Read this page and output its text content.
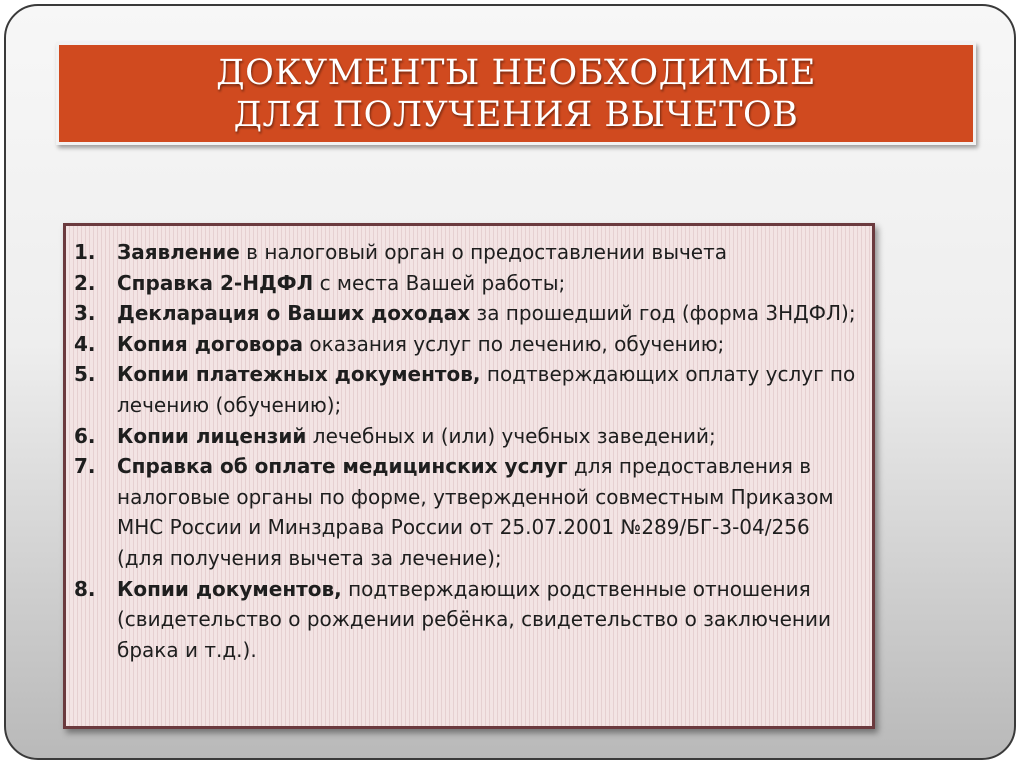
ДОКУМЕНТЫ НЕОБХОДИМЫЕ
ДЛЯ ПОЛУЧЕНИЯ ВЫЧЕТОВ
1. Заявление в налоговый орган о предоставлении вычета
2. Справка 2-НДФЛ с места Вашей работы;
3. Декларация о Ваших доходах за прошедший год (форма 3НДФЛ);
4. Копия договора оказания услуг по лечению, обучению;
5. Копии платежных документов, подтверждающих оплату услуг по лечению (обучению);
6. Копии лицензий лечебных и (или) учебных заведений;
7. Справка об оплате медицинских услуг для предоставления в налоговые органы по форме, утвержденной совместным Приказом МНС России и Минздрава России от 25.07.2001 №289/БГ-3-04/256 (для получения вычета за лечение);
8. Копии документов, подтверждающих родственные отношения (свидетельство о рождении ребёнка, свидетельство о заключении брака и т.д.).
